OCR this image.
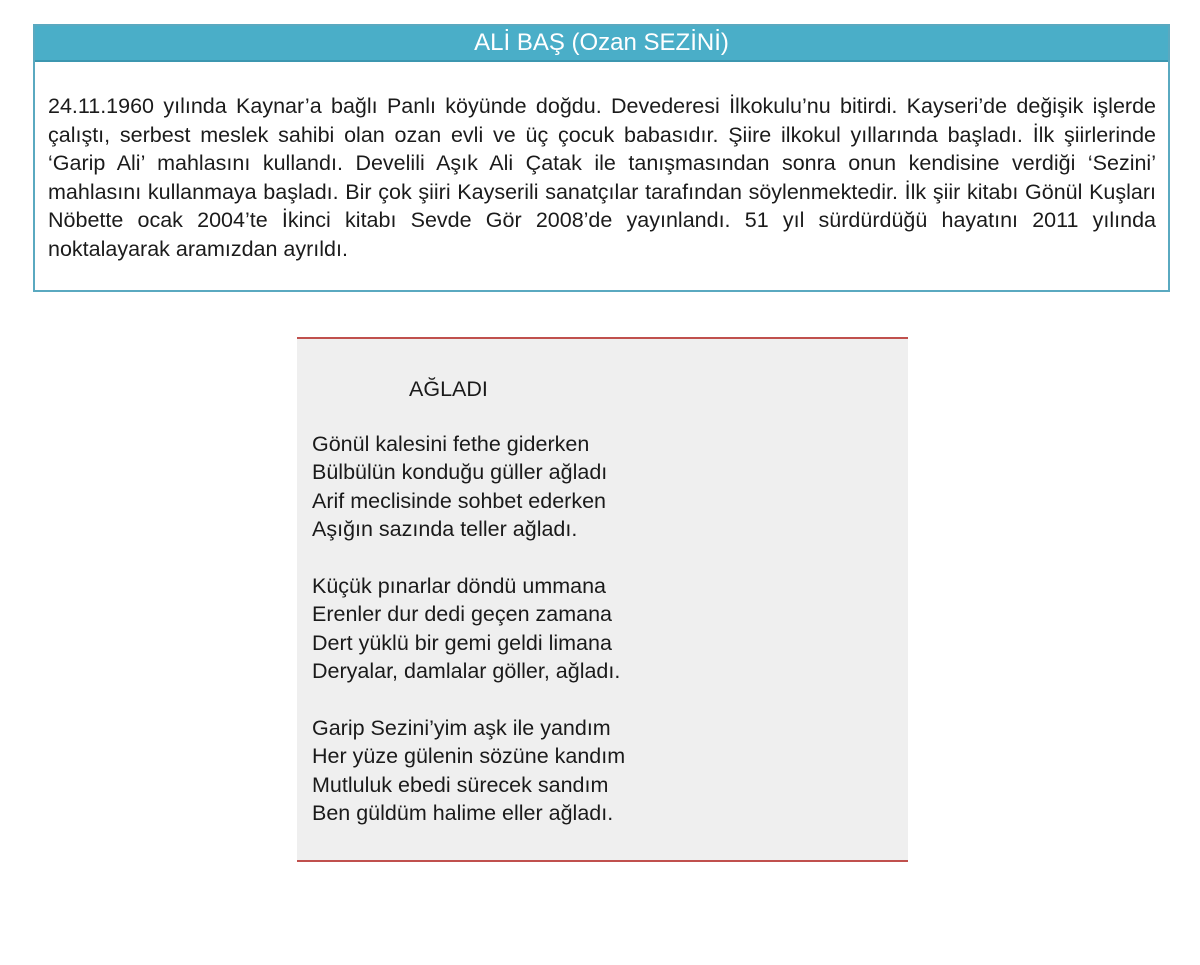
ALİ BAŞ (Ozan SEZİNİ)

24.11.1960 yılında Kaynar’a bağlı Panlı köyünde doğdu. Devederesi İlkokulu’nu bitirdi. Kayseri’de değişik işlerde çalıştı, serbest meslek sahibi olan ozan evli ve üç çocuk babasıdır. Şiire ilkokul yıllarında başladı. İlk şiirlerinde ‘Garip Ali’ mahlasını kullandı. Develili Aşık Ali Çatak ile tanışmasından sonra onun kendisine verdiği ‘Sezini’ mahlasını kullanmaya başladı. Bir çok şiiri Kayserili sanatçılar tarafından söylenmektedir. İlk şiir kitabı Gönül Kuşları Nöbette ocak 2004’te İkinci kitabı Sevde Gör 2008’de yayınlandı. 51 yıl sürdürdüğü hayatını 2011 yılında noktalayarak aramızdan ayrıldı.

AĞLADI
Gönül kalesini fethe giderken
Bülbülün konduğu güller ağladı
Arif meclisinde sohbet ederken
Aşığın sazında teller ağladı.
Küçük pınarlar döndü ummana
Erenler dur dedi geçen zamana
Dert yüklü bir gemi geldi limana
Deryalar, damlalar göller, ağladı.
Garip Sezini’yim aşk ile yandım
Her yüze gülenin sözüne kandım
Mutluluk ebedi sürecek sandım
Ben güldüm halime eller ağladı.
